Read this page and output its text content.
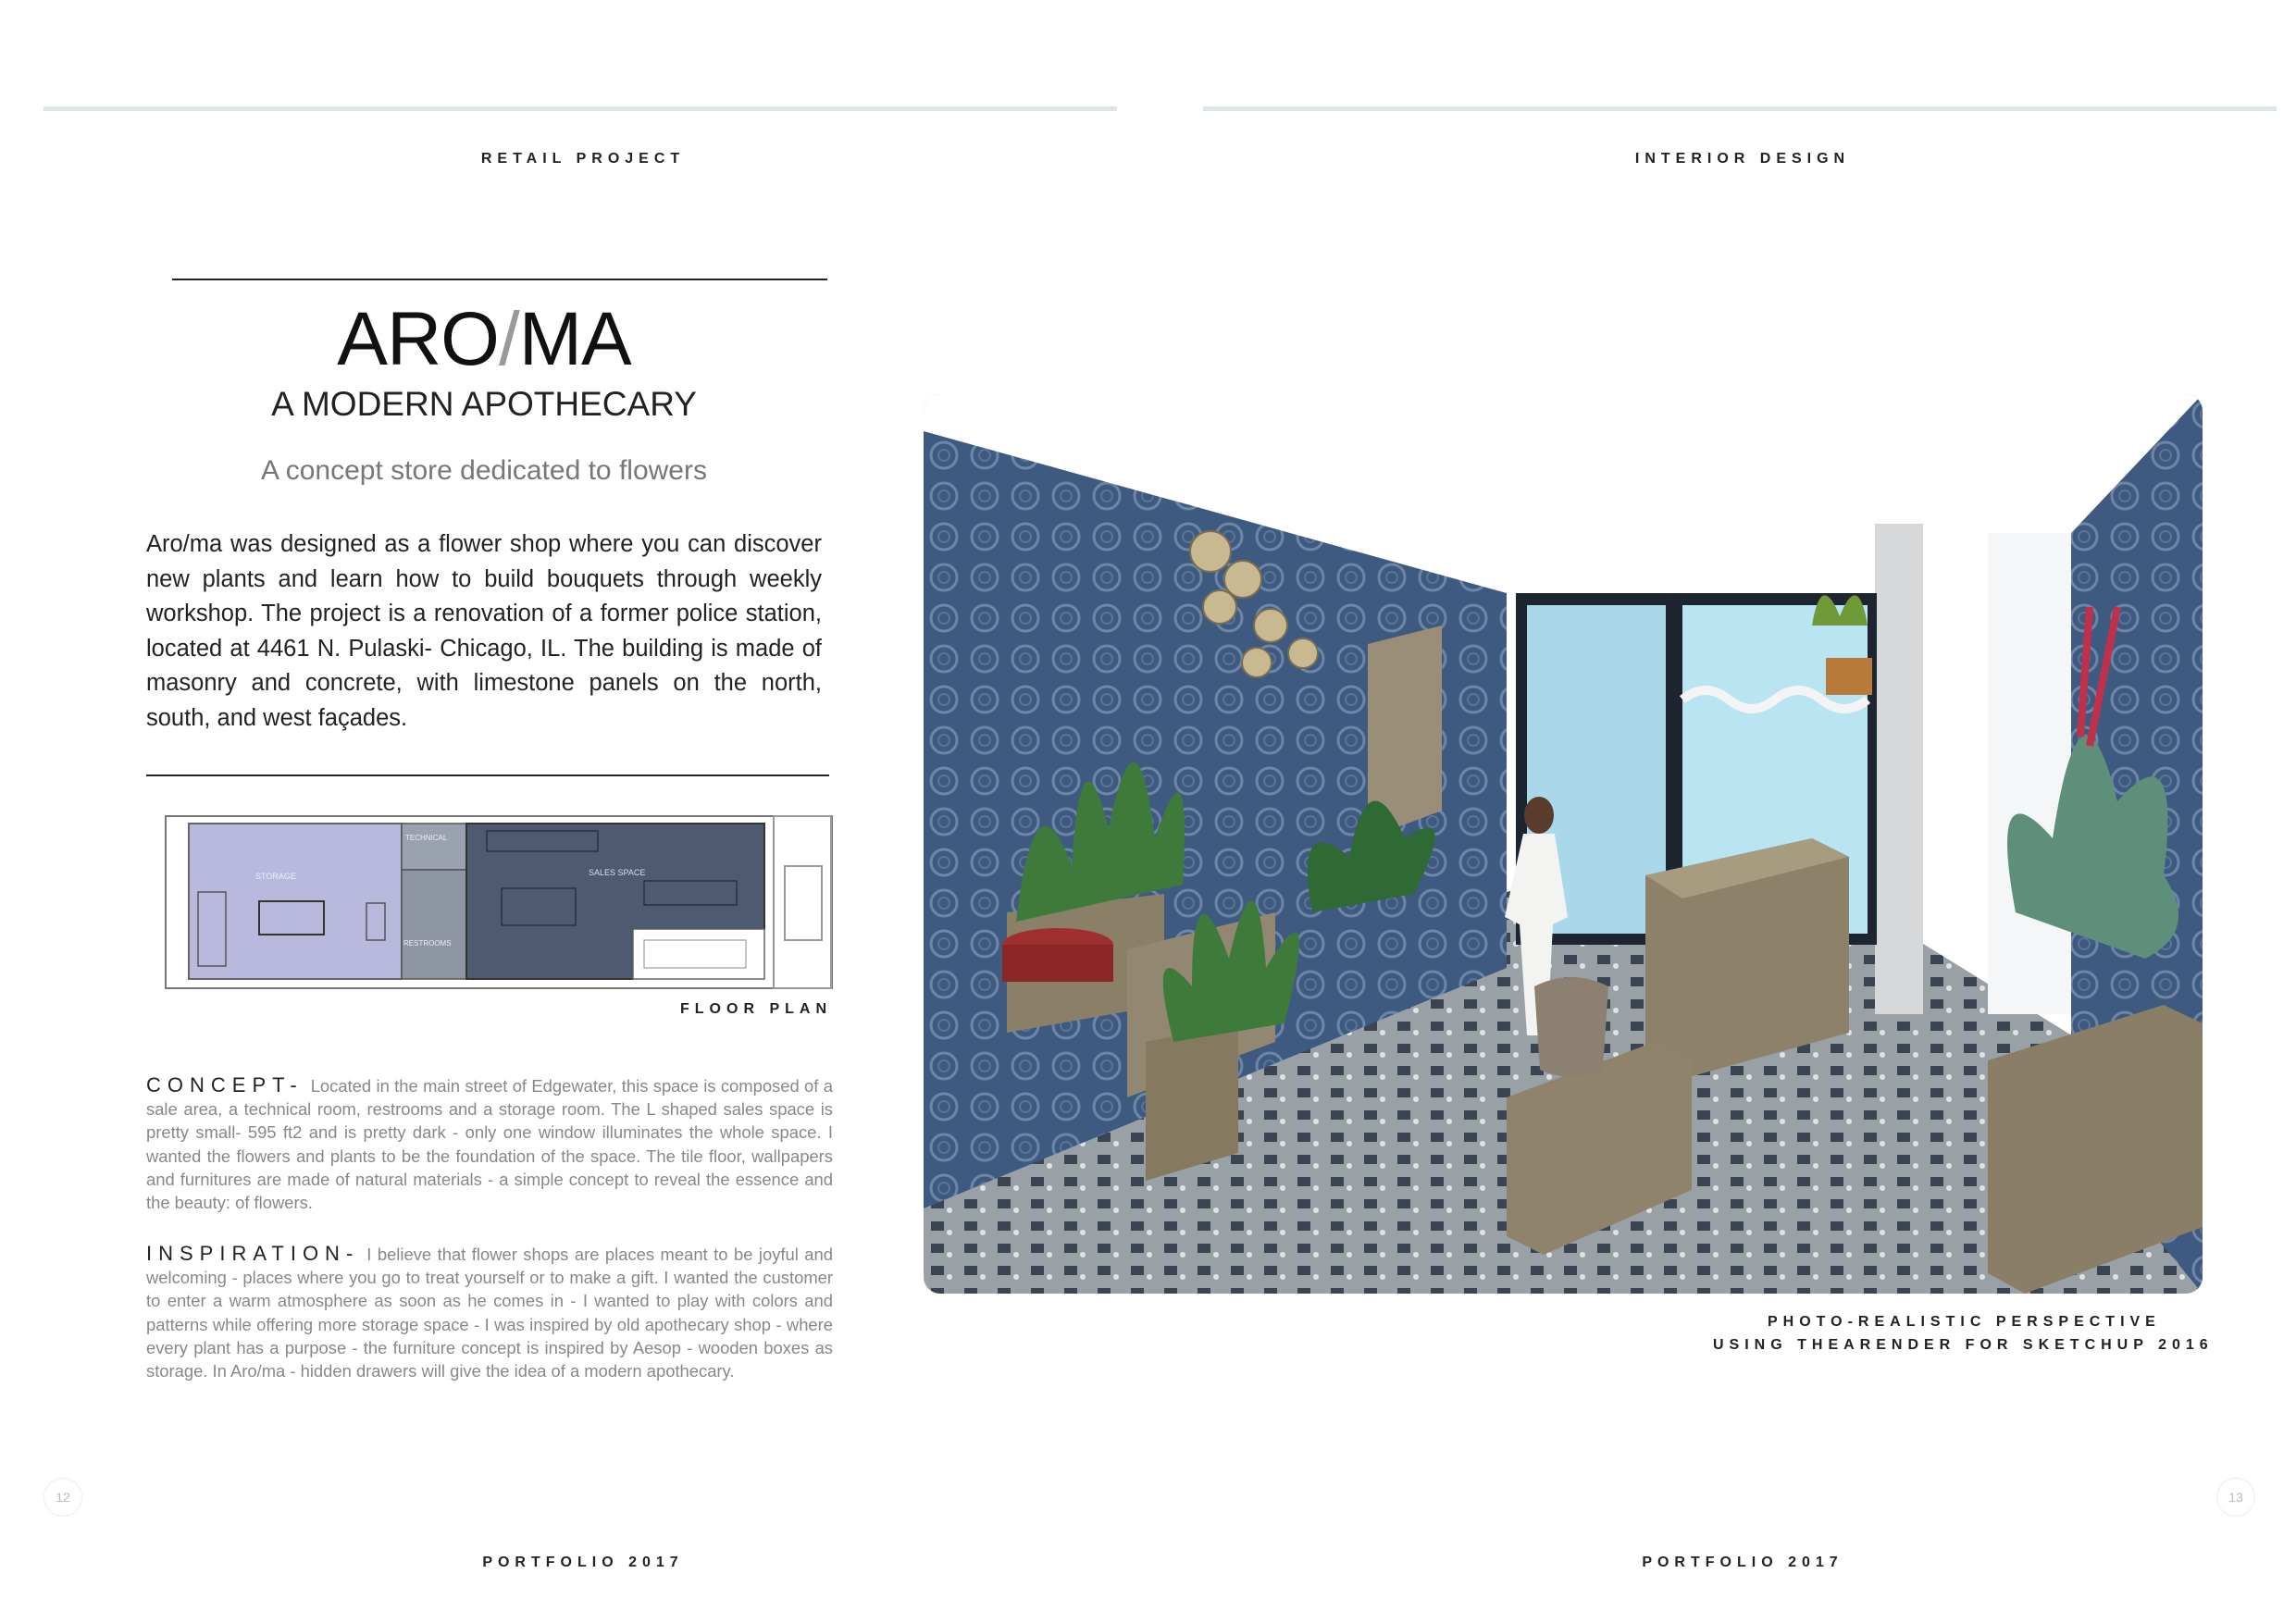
RETAIL PROJECT	INTERIOR DESIGN
ARO/MA
A MODERN APOTHECARY
A concept store dedicated to flowers
Aro/ma was designed as a flower shop where you can discover new plants and learn how to build bouquets through weekly workshop. The project is a renovation of a former police station, located at 4461 N. Pulaski- Chicago, IL. The building is made of masonry and concrete, with limestone panels on the north, south, and west façades.
STORAGE
TECHNICAL
RESTROOMS
SALES SPACE
FLOOR PLAN
CONCEPT- Located in the main street of Edgewater, this space is composed of a sale area, a technical room, restrooms and a storage room. The L shaped sales space is pretty small- 595 ft2 and is pretty dark - only one window illuminates the whole space. I wanted the flowers and plants to be the foundation of the space. The tile floor, wallpapers and furnitures are made of natural materials - a simple concept to reveal the essence and the beauty: of flowers.
INSPIRATION- I believe that flower shops are places meant to be joyful and welcoming - places where you go to treat yourself or to make a gift. I wanted the customer to enter a warm atmosphere as soon as he comes in - I wanted to play with colors and patterns while offering more storage space - I was inspired by old apothecary shop - where every plant has a purpose - the furniture concept is inspired by Aesop - wooden boxes as storage. In Aro/ma - hidden drawers will give the idea of a modern apothecary.
PHOTO-REALISTIC PERSPECTIVE
USING THEARENDER FOR SKETCHUP 2016
12	13
PORTFOLIO 2017	PORTFOLIO 2017
